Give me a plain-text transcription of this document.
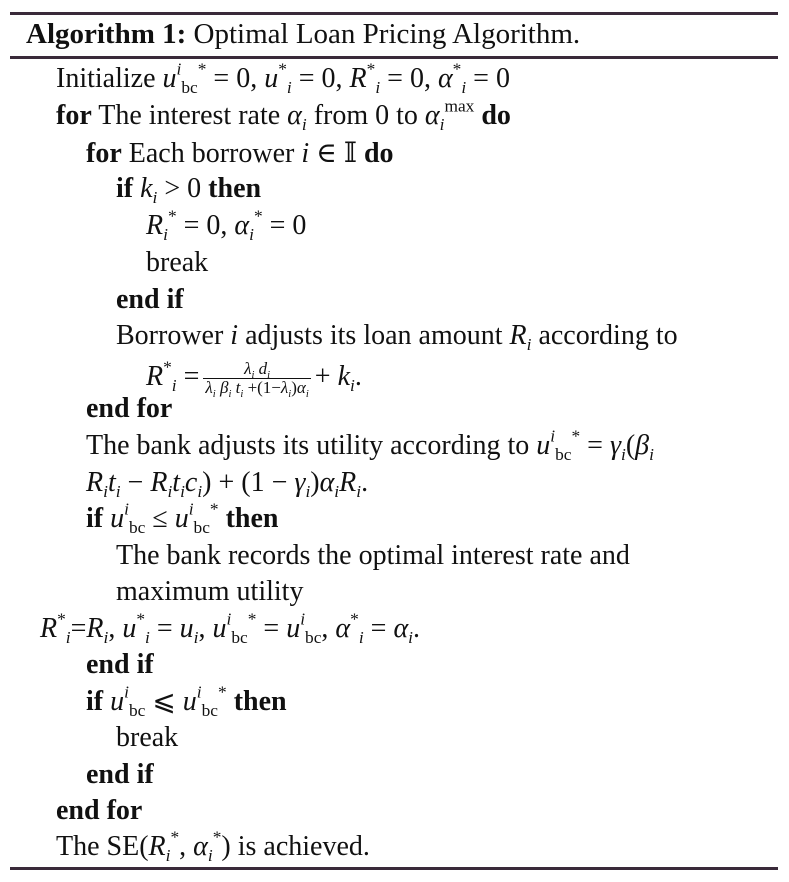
Algorithm 1: Optimal Loan Pricing Algorithm.
Initialize $u^i_{bc}^* = 0$, $u^*_i = 0$, $R^*_i = 0$, $\alpha^*_i = 0$
for The interest rate $\alpha_i$ from 0 to $\alpha_i^{max}$ do
for Each borrower i ∈ 𝕀 do
if $k_i > 0$ then
$R_i^* = 0$, $\alpha_i^* = 0$
break
end if
Borrower i adjusts its loan amount $R_i$ according to
$R^*_i = \frac{\lambda_i d_i}{\lambda_i \beta_i t_i +(1-\lambda_i)\alpha_i} + k_i$.
end for
The bank adjusts its utility according to $u^i_{bc}^* = \gamma_i(\beta_i$
$R_it_i - R_it_ic_i) + (1 - \gamma_i)\alpha_iR_i$.
if $u^i_{bc} \le u^i_{bc}^*$ then
The bank records the optimal interest rate and
maximum utility
$R^*_i=R_i$, $u^*_i = u_i$, $u^i_{bc}^* = u^i_{bc}$, $\alpha^*_i = \alpha_i$.
end if
if $u^i_{bc}$ ⩽ $u^i_{bc}^*$ then
break
end if
end for
The $SE(R_i^*$, $\alpha_i^*$) is achieved.
